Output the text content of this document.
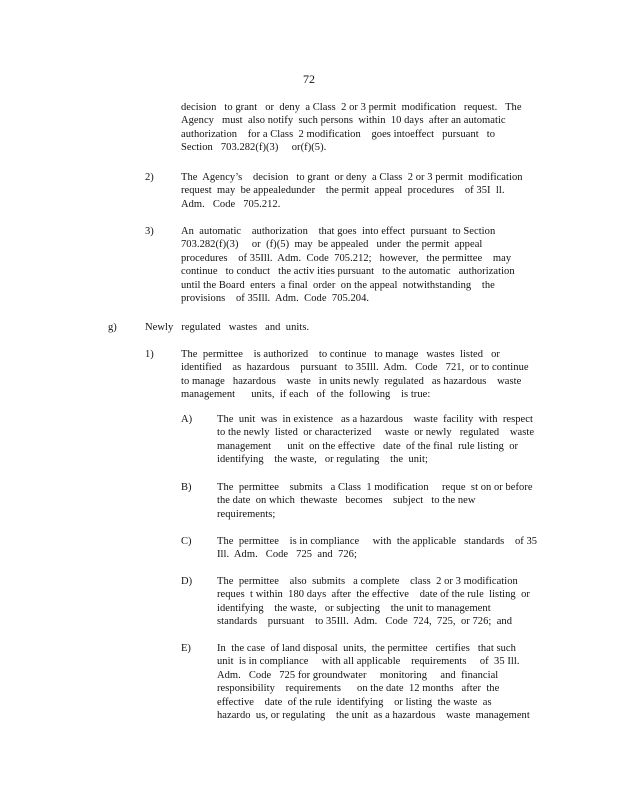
72
decision   to grant   or  deny  a Class  2 or 3 permit  modification   request.   The
Agency   must  also notify  such persons  within  10 days  after an automatic
authorization    for a Class  2 modification    goes intoeffect   pursuant   to
Section   703.282(f)(3)     or(f)(5).
2)	The  Agency’s    decision   to grant  or deny  a Class  2 or 3 permit  modification
request  may  be appealedunder    the permit  appeal  procedures    of 35I  ll.
Adm.   Code   705.212.
3)	An  automatic    authorization    that goes  into effect  pursuant  to Section
703.282(f)(3)     or  (f)(5)  may  be appealed   under  the permit  appeal
procedures    of 35Ill.  Adm.  Code  705.212;   however,   the permittee    may
continue   to conduct   the activ ities pursuant   to the automatic   authorization
until the Board  enters  a final  order  on the appeal  notwithstanding    the
provisions    of 35Ill.  Adm.  Code  705.204.
g)	Newly   regulated   wastes   and  units.
1)	The  permittee    is authorized    to continue   to manage   wastes  listed   or
identified    as  hazardous    pursuant   to 35Ill.  Adm.   Code   721,  or to continue
to manage   hazardous    waste   in units newly  regulated   as hazardous    waste
management      units,  if each   of  the  following    is true:
A) The  unit  was  in existence   as a hazardous    waste  facility  with  respect
to the newly  listed  or characterized     waste  or newly   regulated    waste
management      unit  on the effective   date  of the final  rule listing  or
identifying    the waste,   or regulating    the  unit;
B) The  permittee    submits   a Class  1 modification     reque  st on or before
the date  on which  thewaste   becomes    subject   to the new
requirements;
C) The  permittee    is in compliance     with  the applicable   standards    of 35
Ill.  Adm.   Code   725  and  726;
D) The  permittee    also  submits   a complete    class  2 or 3 modification
reques  t within  180 days  after  the effective    date of the rule  listing  or
identifying    the waste,   or subjecting    the unit to management
standards    pursuant    to 35Ill.  Adm.   Code  724,  725,  or 726;  and
E) In  the case  of land disposal  units,  the permittee   certifies   that such
unit  is in compliance     with all applicable    requirements     of  35 Ill.
Adm.   Code   725 for groundwater     monitoring     and  financial
responsibility    requirements      on the date  12 months   after  the
effective    date  of the rule  identifying    or listing  the waste  as
hazardo  us, or regulating    the unit  as a hazardous    waste  management
